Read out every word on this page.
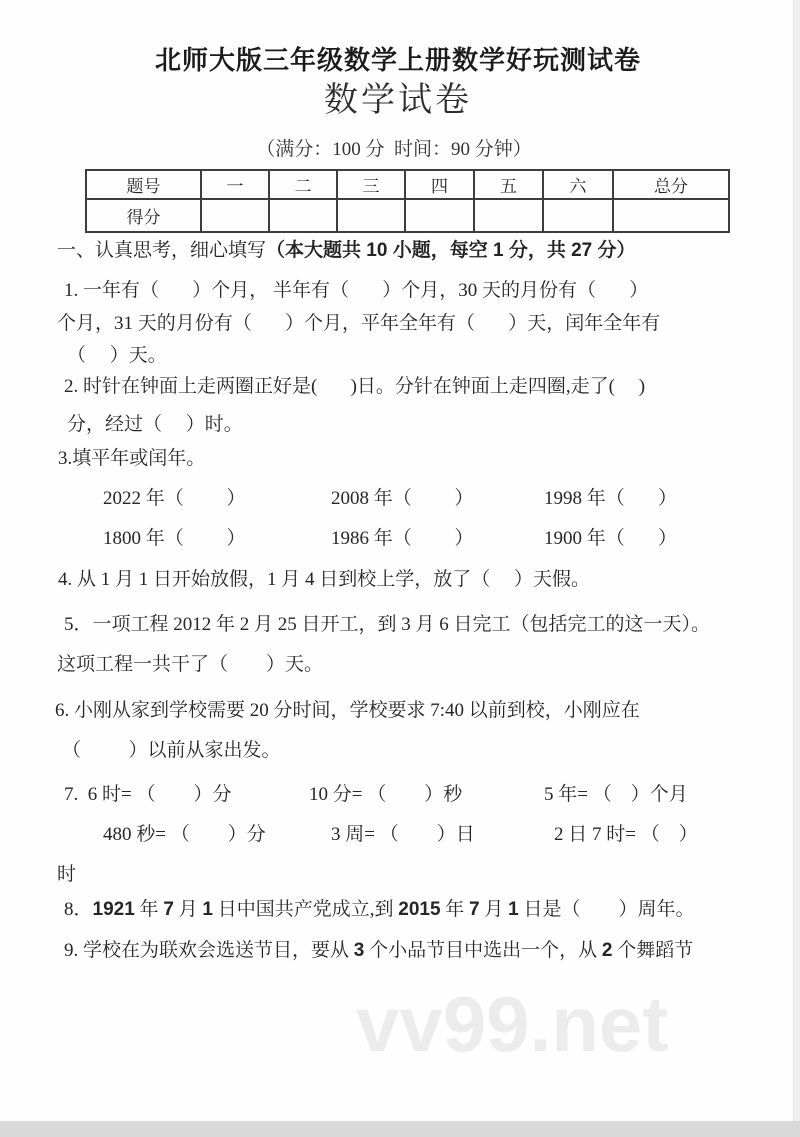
北师大版三年级数学上册数学好玩测试卷
数学试卷
（满分：100 分  时间：90 分钟）
题号	一	二	三	四	五	六	总分
得分							
一、认真思考，细心填写（本大题共 10 小题，每空 1 分，共 27 分）
1. 一年有（       ）个月， 半年有（       ）个月，30 天的月份有（       ）
个月，31 天的月份有（       ）个月，平年全年有（       ）天，闰年全年有
（     ）天。
2. 时针在钟面上走两圈正好是(       )日。分针在钟面上走四圈,走了(     )
分，经过（     ）时。
3.填平年或闰年。
2022 年（         ）	2008 年（         ）	1998 年（       ）
1800 年（         ）	1986 年（         ）	1900 年（       ）
4. 从 1 月 1 日开始放假，1 月 4 日到校上学，放了（     ）天假。
5．一项工程 2012 年 2 月 25 日开工，到 3 月 6 日完工（包括完工的这一天）。
这项工程一共干了（        ）天。
6. 小刚从家到学校需要 20 分时间，学校要求 7:40 以前到校，小刚应在
（          ）以前从家出发。
7.  6 时= （        ）分	10 分= （        ）秒	5 年= （    ）个月
480 秒= （        ）分	3 周= （        ）日	2 日 7 时= （    ）
时
8．1921 年 7 月 1 日中国共产党成立,到 2015 年 7 月 1 日是（        ）周年。
9. 学校在为联欢会选送节目，要从 3 个小品节目中选出一个，从 2 个舞蹈节
vv99.net
